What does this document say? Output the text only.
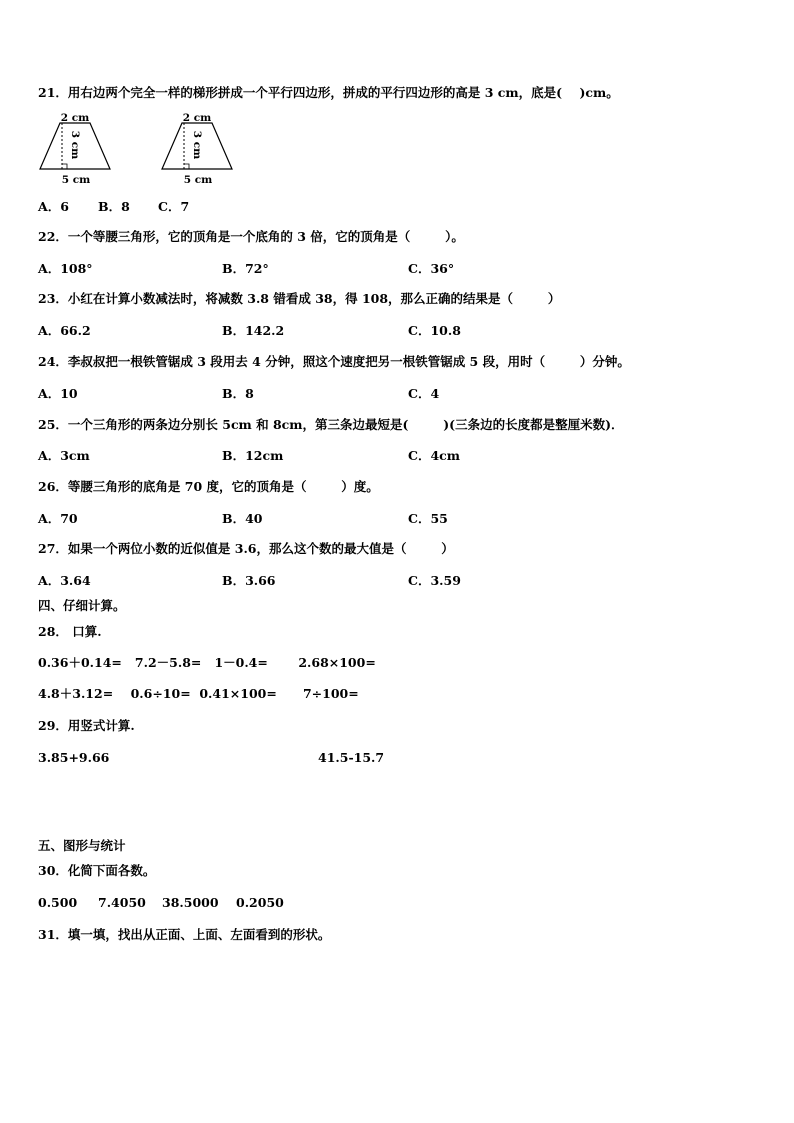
21．用右边两个完全一样的梯形拼成一个平行四边形，拼成的平行四边形的高是 3 cm，底是(    )cm。
2 cm
3 cm
5 cm
2 cm
3 cm
5 cm
A．6 B．8 C．7
22．一个等腰三角形，它的顶角是一个底角的 3 倍，它的顶角是（        ）。
A．108°	B．72°	C．36°
23．小红在计算小数减法时，将减数 3.8 错看成 38，得 108，那么正确的结果是（        ）
A．66.2	B．142.2	C．10.8
24．李叔叔把一根铁管锯成 3 段用去 4 分钟，照这个速度把另一根铁管锯成 5 段，用时（        ）分钟。
A．10	B．8	C．4
25．一个三角形的两条边分别长 5cm 和 8cm，第三条边最短是(        )(三条边的长度都是整厘米数)．
A．3cm	B．12cm	C．4cm
26．等腰三角形的底角是 70 度，它的顶角是（        ）度。
A．70	B．40	C．55
27．如果一个两位小数的近似值是 3.6，那么这个数的最大值是（        ）
A．3.64	B．3.66	C．3.59
四、仔细计算。
28． 口算.
0.36＋0.14=   7.2－5.8=   1－0.4=       2.68×100=
4.8＋3.12=    0.6÷10=  0.41×100=      7÷100=
29．用竖式计算.
3.85+9.66	41.5-15.7
五、图形与统计
30．化简下面各数。
0.500 7.4050 38.5000 0.2050
31．填一填，找出从正面、上面、左面看到的形状。
